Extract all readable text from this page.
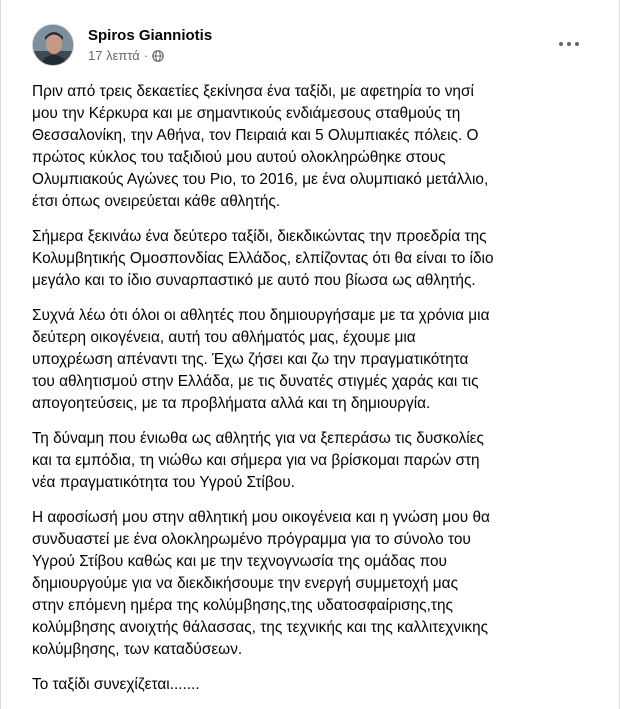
Spiros Gianniotis
17 λεπτά ·

Πριν από τρεις δεκαετίες ξεκίνησα ένα ταξίδι, με αφετηρία το νησί
μου την Κέρκυρα και με σημαντικούς ενδιάμεσους σταθμούς τη
Θεσσαλονίκη, την Αθήνα, τον Πειραιά και 5 Ολυμπιακές πόλεις. Ο
πρώτος κύκλος του ταξιδιού μου αυτού ολοκληρώθηκε στους
Ολυμπιακούς Αγώνες του Ριο, το 2016, με ένα ολυμπιακό μετάλλιο,
έτσι όπως ονειρεύεται κάθε αθλητής.

Σήμερα ξεκινάω ένα δεύτερο ταξίδι, διεκδικώντας την προεδρία της
Κολυμβητικής Ομοσπονδίας Ελλάδος, ελπίζοντας ότι θα είναι το ίδιο
μεγάλο και το ίδιο συναρπαστικό με αυτό που βίωσα ως αθλητής.

Συχνά λέω ότι όλοι οι αθλητές που δημιουργήσαμε με τα χρόνια μια
δεύτερη οικογένεια, αυτή του αθλήματός μας, έχουμε μια
υποχρέωση απέναντι της. Έχω ζήσει και ζω την πραγματικότητα
του αθλητισμού στην Ελλάδα, με τις δυνατές στιγμές χαράς και τις
απογοητεύσεις, με τα προβλήματα αλλά και τη δημιουργία.

Τη δύναμη που ένιωθα ως αθλητής για να ξεπεράσω τις δυσκολίες
και τα εμπόδια, τη νιώθω και σήμερα για να βρίσκομαι παρών στη
νέα πραγματικότητα του Υγρού Στίβου.

Η αφοσίωσή μου στην αθλητική μου οικογένεια και η γνώση μου θα
συνδυαστεί με ένα ολοκληρωμένο πρόγραμμα για το σύνολο του
Υγρού Στίβου καθώς και με την τεχνογνωσία της ομάδας που
δημιουργούμε για να διεκδικήσουμε την ενεργή συμμετοχή μας
στην επόμενη ημέρα της κολύμβησης,της υδατοσφαίρισης,της
κολύμβησης ανοιχτής θάλασσας, της τεχνικής και της καλλιτεχνικης
κολύμβησης, των καταδύσεων.

Το ταξίδι συνεχίζεται.......
